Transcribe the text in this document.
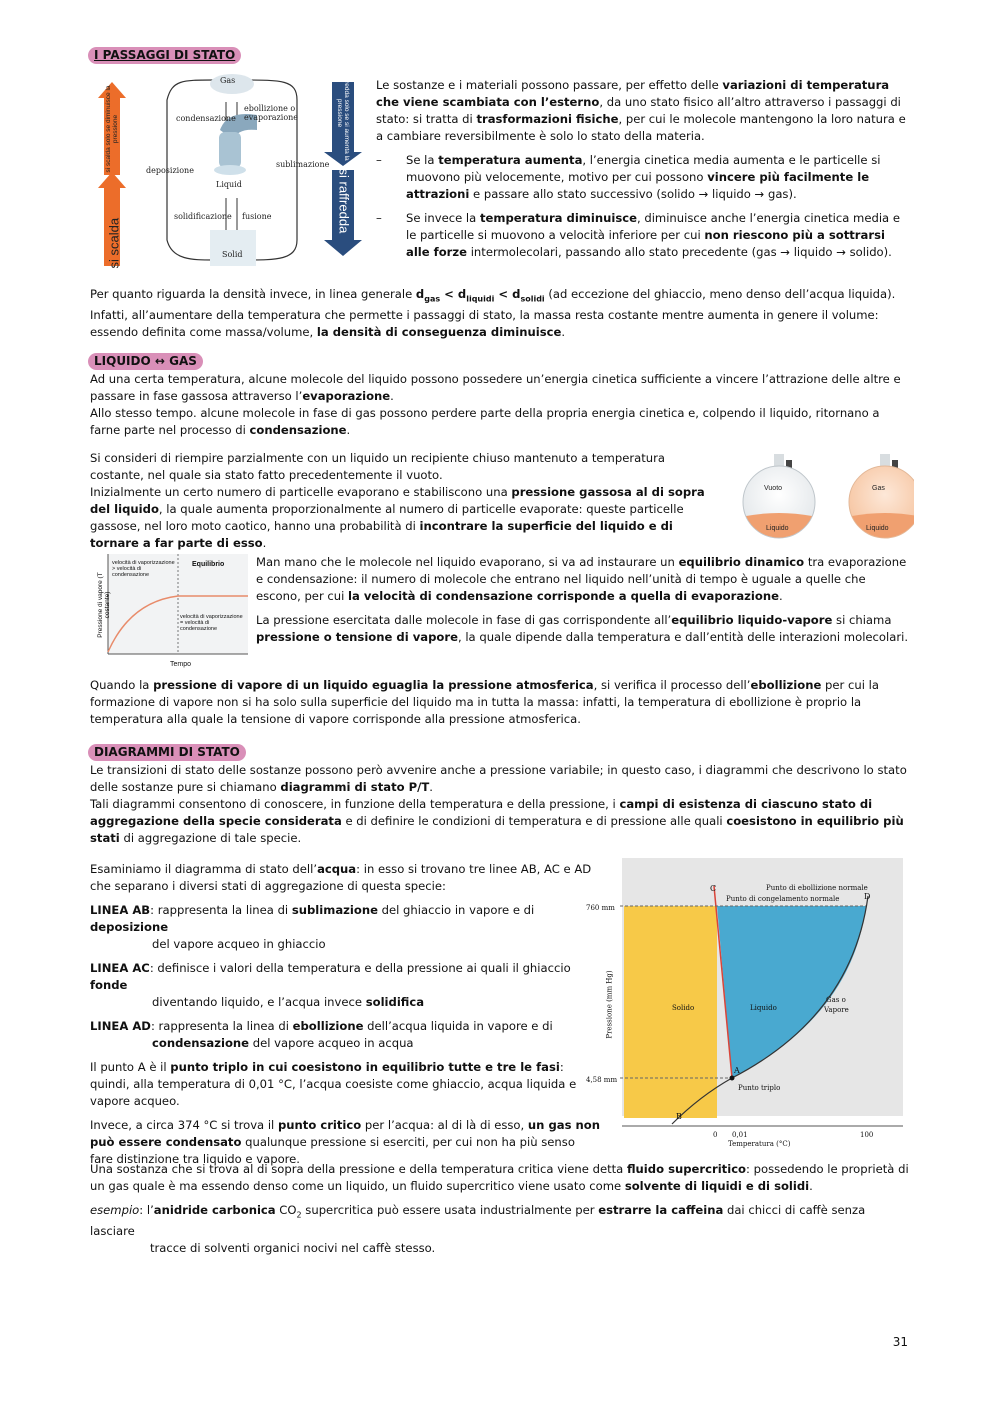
I PASSAGGI DI STATO
Gas
Liquid
Solid
condensazione
ebollizione o evaporazione
deposizione
sublimazione
solidificazione fusione
si scalda
si scalda solo se diminuisce la pressione
si raffredda
si raffredda solo se si aumenta la pressione

Le sostanze e i materiali possono passare, per effetto delle variazioni di temperatura che viene scambiata con l’esterno, da uno stato fisico all’altro attraverso i passaggi di stato: si tratta di trasformazioni fisiche, per cui le molecole mantengono la loro natura e a cambiare reversibilmente è solo lo stato della materia.

– Se la temperatura aumenta, l’energia cinetica media aumenta e le particelle si muovono più velocemente, motivo per cui possono vincere più facilmente le attrazioni e passare allo stato successivo (solido → liquido → gas).

– Se invece la temperatura diminuisce, diminuisce anche l’energia cinetica media e le particelle si muovono a velocità inferiore per cui non riescono più a sottrarsi alle forze intermolecolari, passando allo stato precedente (gas → liquido → solido).

Per quanto riguarda la densità invece, in linea generale $d_{gas} < d_{liquidi} < d_{solidi}$ (ad eccezione del ghiaccio, meno denso dell’acqua liquida).

Infatti, all’aumentare della temperatura che permette i passaggi di stato, la massa resta costante mentre aumenta in genere il volume: essendo definita come massa/volume, la densità di conseguenza diminuisce.

LIQUIDO ↔ GAS

Ad una certa temperatura, alcune molecole del liquido possono possedere un’energia cinetica sufficiente a vincere l’attrazione delle altre e passare in fase gassosa attraverso l’evaporazione.

Allo stesso tempo. alcune molecole in fase di gas possono perdere parte della propria energia cinetica e, colpendo il liquido, ritornano a farne parte nel processo di condensazione.

Si consideri di riempire parzialmente con un liquido un recipiente chiuso mantenuto a temperatura costante, nel quale sia stato fatto precedentemente il vuoto.

Inizialmente un certo numero di particelle evaporano e stabiliscono una pressione gassosa al di sopra del liquido, la quale aumenta proporzionalmente al numero di particelle evaporate: queste particelle gassose, nel loro moto caotico, hanno una probabilità di incontrare la superficie del liquido e di tornare a far parte di esso.

Vuoto	Gas
Liquido	Liquido
Pressione di vapore (T costante)
Tempo
Equilibrio
velocità di vaporizzazione > velocità di condensazione
velocità di vaporizzazione = velocità di condensazione

Man mano che le molecole nel liquido evaporano, si va ad instaurare un equilibrio dinamico tra evaporazione e condensazione: il numero di molecole che entrano nel liquido nell’unità di tempo è uguale a quelle che escono, per cui la velocità di condensazione corrisponde a quella di evaporazione.

La pressione esercitata dalle molecole in fase di gas corrispondente all’equilibrio liquido-vapore si chiama pressione o tensione di vapore, la quale dipende dalla temperatura e dall’entità delle interazioni molecolari.

Quando la pressione di vapore di un liquido eguaglia la pressione atmosferica, si verifica il processo dell’ebollizione per cui la formazione di vapore non si ha solo sulla superficie del liquido ma in tutta la massa: infatti, la temperatura di ebollizione è proprio la temperatura alla quale la tensione di vapore corrisponde alla pressione atmosferica.

DIAGRAMMI DI STATO

Le transizioni di stato delle sostanze possono però avvenire anche a pressione variabile; in questo caso, i diagrammi che descrivono lo stato delle sostanze pure si chiamano diagrammi di stato P/T.

Tali diagrammi consentono di conoscere, in funzione della temperatura e della pressione, i campi di esistenza di ciascuno stato di aggregazione della specie considerata e di definire le condizioni di temperatura e di pressione alle quali coesistono in equilibrio più stati di aggregazione di tale specie.

Esaminiamo il diagramma di stato dell’acqua: in esso si trovano tre linee AB, AC e AD che separano i diversi stati di aggregazione di questa specie:

LINEA AB: rappresenta la linea di sublimazione del ghiaccio in vapore e di deposizione
del vapore acqueo in ghiaccio

LINEA AC: definisce i valori della temperatura e della pressione ai quali il ghiaccio fonde
diventando liquido, e l’acqua invece solidifica

LINEA AD: rappresenta la linea di ebollizione dell’acqua liquida in vapore e di
condensazione del vapore acqueo in acqua

Il punto A è il punto triplo in cui coesistono in equilibrio tutte e tre le fasi: quindi, alla temperatura di 0,01 °C, l’acqua coesiste come ghiaccio, acqua liquida e vapore acqueo.

Invece, a circa 374 °C si trova il punto critico per l’acqua: al di là di esso, un gas non può essere condensato qualunque pressione si eserciti, per cui non ha più senso fare distinzione tra liquido e vapore.

C
D
A
B
Punto di ebollizione normale
Punto di congelamento normale
760 mm
4,58 mm
Pressione (mm Hg)
Temperatura (°C)
0 0,01	100
Solido	Liquido
Gas o
Vapore
Punto triplo

Una sostanza che si trova al di sopra della pressione e della temperatura critica viene detta fluido supercritico: possedendo le proprietà di un gas quale è ma essendo denso come un liquido, un fluido supercritico viene usato come solvente di liquidi e di solidi.

esempio: l’anidride carbonica $CO_2$ supercritica può essere usata industrialmente per estrarre la caffeina dai chicci di caffè senza lasciare

tracce di solventi organici nocivi nel caffè stesso.

31
